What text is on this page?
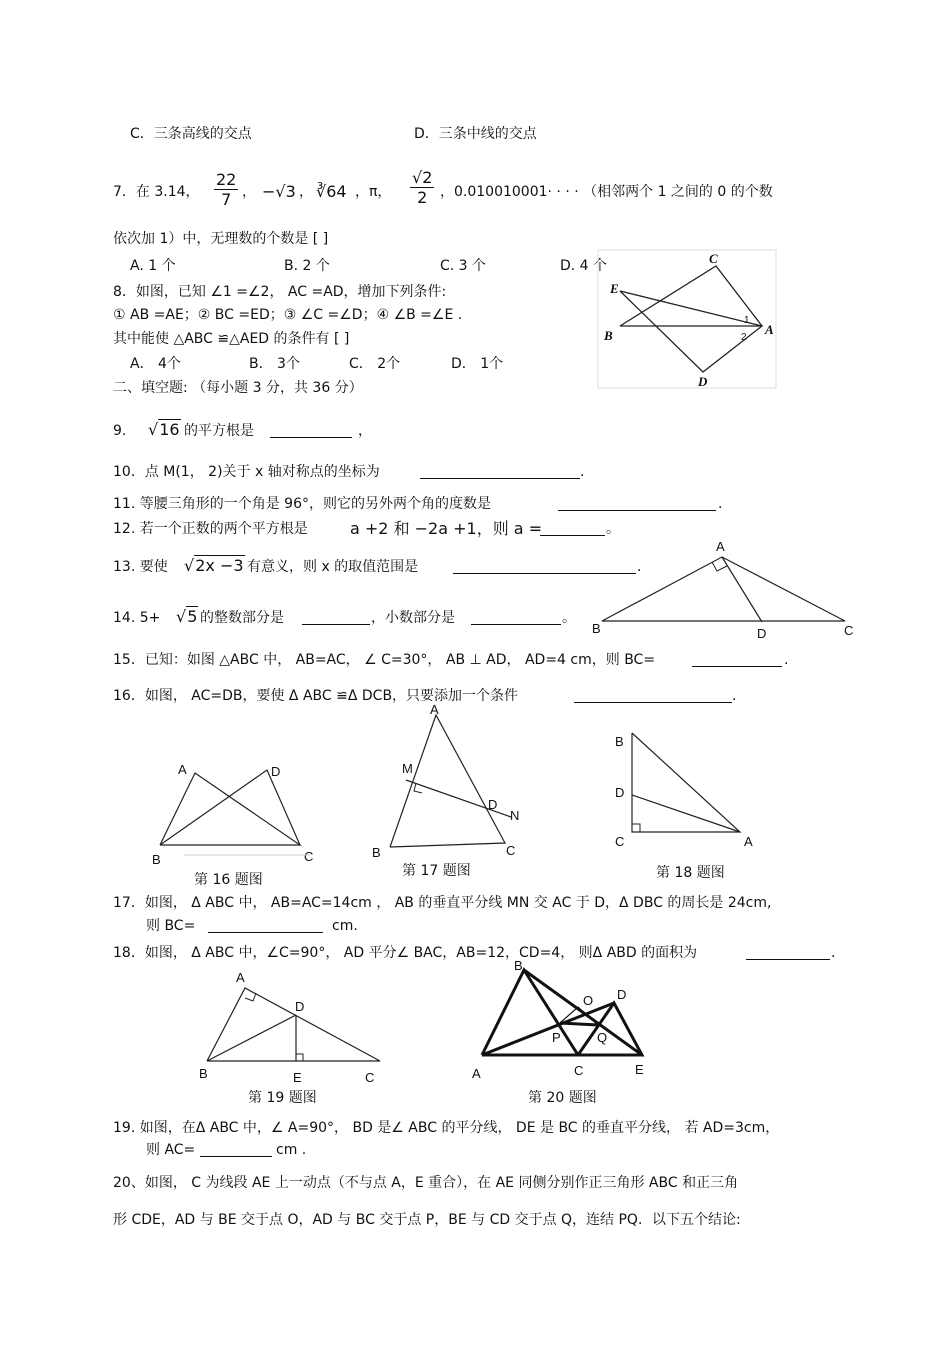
C．三条高线的交点	D．三条中线的交点
7．在 3.14， $\frac{22}{7}$ ， −√3 ， ∛64 ，π， $\frac{√2}{2}$ ，0.010010001· · · · （相邻两个 1 之间的 0 的个数
依次加 1）中，无理数的个数是 [ ]
A. 1 个	B. 2 个	C. 3 个	D. 4 个
8．如图，已知 ∠1 =∠2， AC =AD，增加下列条件:
① AB =AE；② BC =ED；③ ∠C =∠D；④ ∠B =∠E .
其中能使 △ABC ≌△AED 的条件有 [ ]
A． 4个	B． 3个	C． 2个	D． 1个
C
E
B	A
D
1
2
二、填空题: （每小题 3 分，共 36 分）
9. √16 的平方根是	，
10．点 M(1， 2)关于 x 轴对称点的坐标为	.
11. 等腰三角形的一个角是 96°，则它的另外两个角的度数是	.
12. 若一个正数的两个平方根是	a +2 和 −2a +1，则 a =	。
13. 要使 √2x −3 有意义，则 x 的取值范围是	.
14. 5+ √5 的整数部分是	，小数部分是	。
A
B	D	C
15．已知：如图 △ABC 中， AB=AC， ∠ C=30°， AB ⊥ AD， AD=4 cm，则 BC=	.
16．如图， AC=DB，要使 Δ ABC ≌Δ DCB，只要添加一个条件	.
A	D
B	C
第 16 题图
A
M
D
N
B	C
第 17 题图
B
D
C	A
第 18 题图
17．如图， Δ ABC 中， AB=AC=14cm ， AB 的垂直平分线 MN 交 AC 于 D，Δ DBC 的周长是 24cm,
则 BC=	cm.
18．如图， Δ ABC 中，∠C=90°， AD 平分∠ BAC，AB=12，CD=4， 则Δ ABD 的面积为	.
A
D
B	E	C
第 19 题图
B
O D
P	Q
A	C	E
第 20 题图
19. 如图，在Δ ABC 中，∠ A=90°， BD 是∠ ABC 的平分线， DE 是 BC 的垂直平分线， 若 AD=3cm，
则 AC=	cm .
20、如图， C 为线段 AE 上一动点（不与点 A，E 重合），在 AE 同侧分别作正三角形 ABC 和正三角
形 CDE，AD 与 BE 交于点 O，AD 与 BC 交于点 P，BE 与 CD 交于点 Q，连结 PQ．以下五个结论:
